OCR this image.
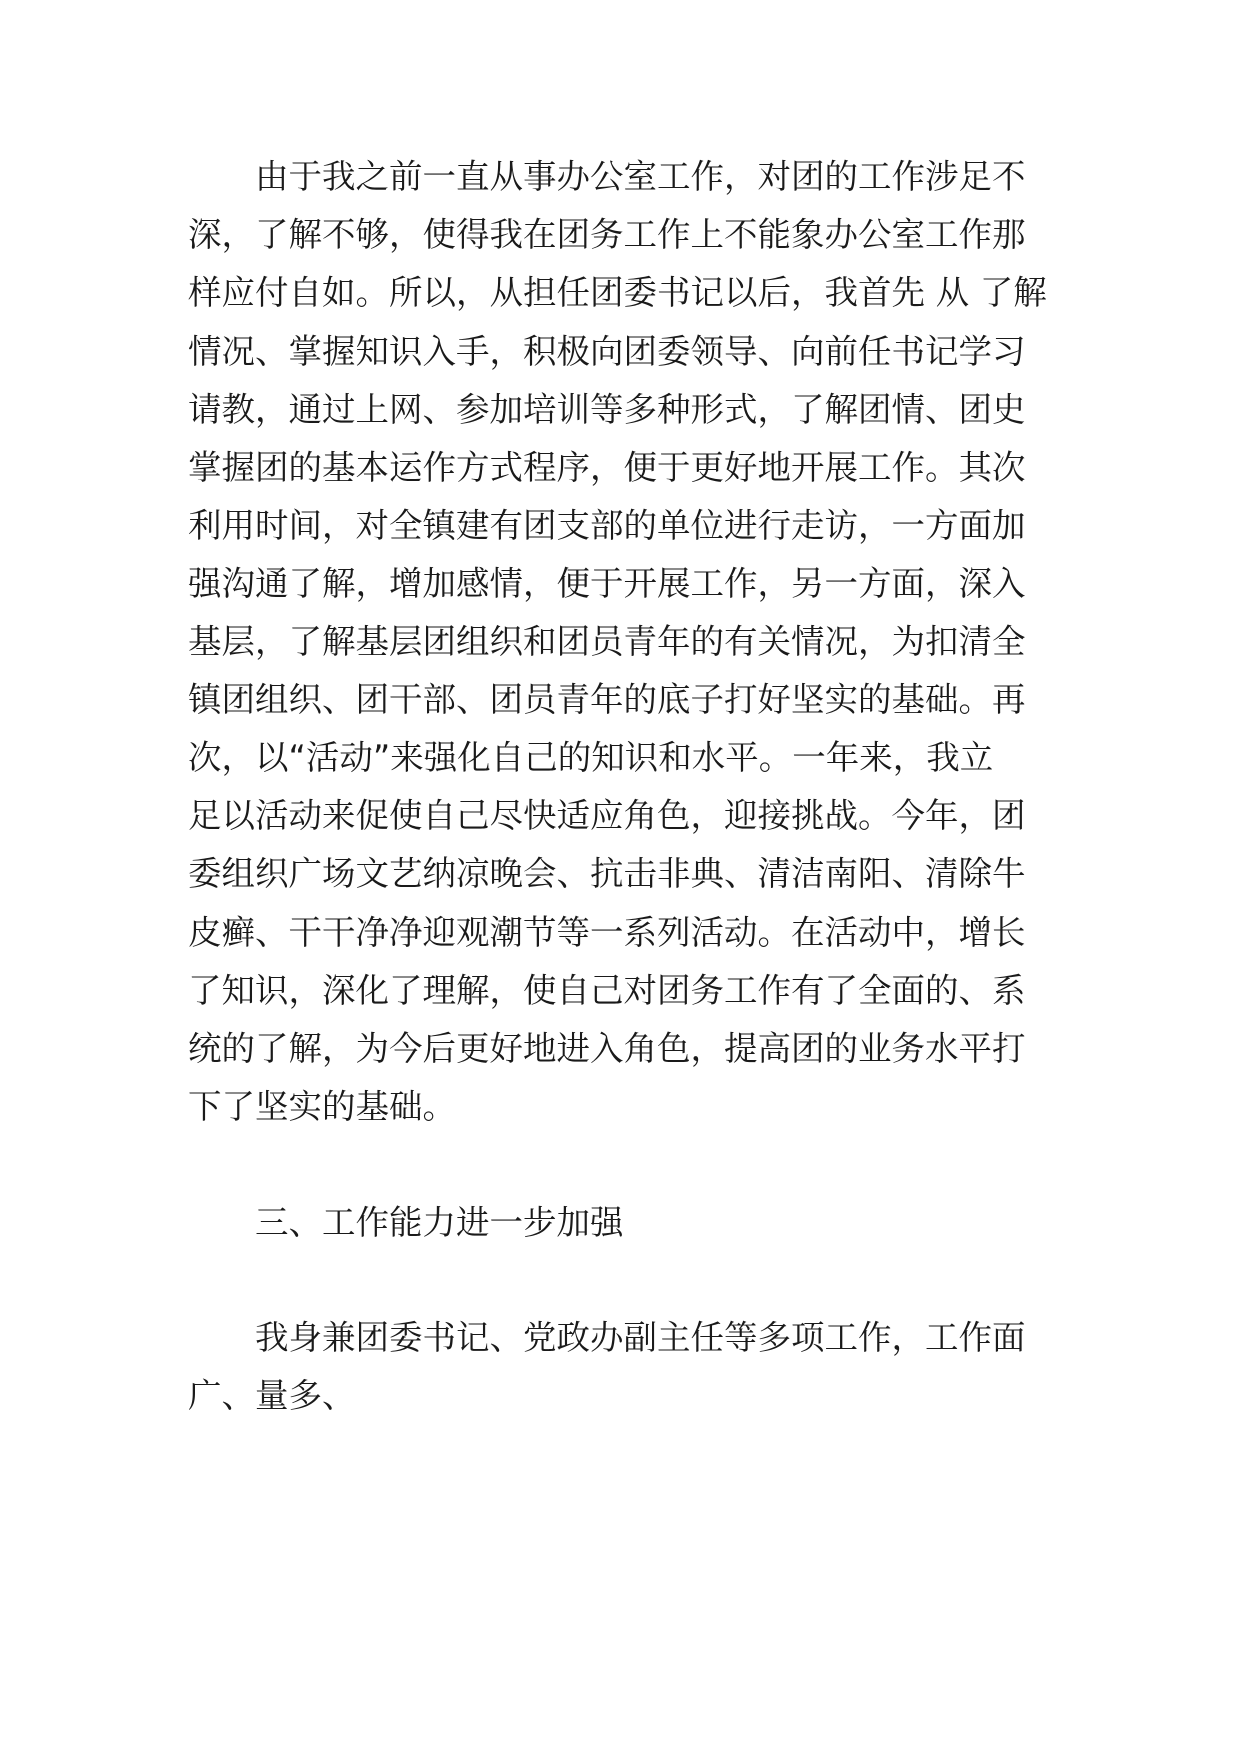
由于我之前一直从事办公室工作，对团的工作涉足不
深，了解不够，使得我在团务工作上不能象办公室工作那
样应付自如。所以，从担任团委书记以后，我首先 从 了解
情况、掌握知识入手，积极向团委领导、向前任书记学习
请教，通过上网、参加培训等多种形式，了解团情、团史
掌握团的基本运作方式程序，便于更好地开展工作。其次
利用时间，对全镇建有团支部的单位进行走访，一方面加
强沟通了解，增加感情，便于开展工作，另一方面，深入
基层，了解基层团组织和团员青年的有关情况，为扣清全
镇团组织、团干部、团员青年的底子打好坚实的基础。再
次，以“活动”来强化自己的知识和水平。一年来，我立
足以活动来促使自己尽快适应角色，迎接挑战。今年，团
委组织广场文艺纳凉晚会、抗击非典、清洁南阳、清除牛
皮癣、干干净净迎观潮节等一系列活动。在活动中，增长
了知识，深化了理解，使自己对团务工作有了全面的、系
统的了解，为今后更好地进入角色，提高团的业务水平打
下了坚实的基础。
三、工作能力进一步加强
我身兼团委书记、党政办副主任等多项工作，工作面
广、量多、
